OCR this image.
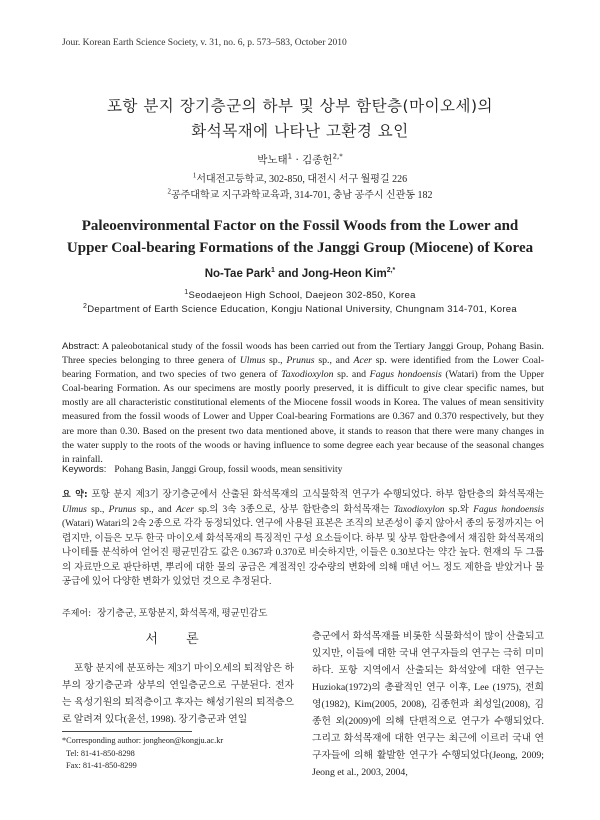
Jour. Korean Earth Science Society, v. 31, no. 6, p. 573–583, October 2010
포항 분지 장기층군의 하부 및 상부 함탄층(마이오세)의
화석목재에 나타난 고환경 요인
박노태$^1$ · 김종헌$^{2,*}$
$^1$서대전고등학교, 302-850, 대전시 서구 월평길 226
$^2$공주대학교 지구과학교육과, 314-701, 충남 공주시 신관동 182
Paleoenvironmental Factor on the Fossil Woods from the Lower and
Upper Coal-bearing Formations of the Janggi Group (Miocene) of Korea
No-Tae Park$^1$ and Jong-Heon Kim$^{2,*}$
$^1$Seodaejeon High School, Daejeon 302-850, Korea
$^2$Department of Earth Science Education, Kongju National University, Chungnam 314-701, Korea
Abstract: A paleobotanical study of the fossil woods has been carried out from the Tertiary Janggi Group, Pohang Basin. Three species belonging to three genera of Ulmus sp., Prunus sp., and Acer sp. were identified from the Lower Coal-bearing Formation, and two species of two genera of Taxodioxylon sp. and Fagus hondoensis (Watari) from the Upper Coal-bearing Formation. As our specimens are mostly poorly preserved, it is difficult to give clear specific names, but mostly are all characteristic constitutional elements of the Miocene fossil woods in Korea. The values of mean sensitivity measured from the fossil woods of Lower and Upper Coal-bearing Formations are 0.367 and 0.370 respectively, but they are more than 0.30. Based on the present two data mentioned above, it stands to reason that there were many changes in the water supply to the roots of the woods or having influence to some degree each year because of the seasonal changes in rainfall.
Keywords: Pohang Basin, Janggi Group, fossil woods, mean sensitivity
요 약: 포항 분지 제3기 장기층군에서 산출된 화석목재의 고식물학적 연구가 수행되었다. 하부 함탄층의 화석목재는 Ulmus sp., Prunus sp., and Acer sp.의 3속 3종으로, 상부 함탄층의 화석목재는 Taxodioxylon sp.와 Fagus hondoensis (Watari) Watari의 2속 2종으로 각각 동정되었다. 연구에 사용된 표본은 조직의 보존성이 좋지 않아서 종의 동정까지는 어렵지만, 이들은 모두 한국 마이오세 화석목재의 특징적인 구성 요소들이다. 하부 및 상부 함탄층에서 채집한 화석목재의 나이테를 분석하여 얻어진 평균민감도 값은 0.367과 0.370로 비슷하지만, 이들은 0.30보다는 약간 높다. 현재의 두 그룹의 자료만으로 판단하면, 뿌리에 대한 물의 공급은 계절적인 강수량의 변화에 의해 매년 어느 정도 제한을 받았거나 물 공급에 있어 다양한 변화가 있었던 것으로 추정된다.
주제어: 장기층군, 포항분지, 화석목재, 평균민감도
서 론
포항 분지에 분포하는 제3기 마이오세의 퇴적암은 하부의 장기층군과 상부의 연일층군으로 구분된다. 전자는 육성기원의 퇴적층이고 후자는 해성기원의 퇴적층으로 알려져 있다(윤선, 1998). 장기층군과 연일
층군에서 화석목재를 비롯한 식물화석이 많이 산출되고 있지만, 이들에 대한 국내 연구자들의 연구는 극히 미미하다. 포항 지역에서 산출되는 화석앞에 대한 연구는 Huzioka(1972)의 총괄적인 연구 이후, Lee (1975), 전희영(1982), Kim(2005, 2008), 김종헌과 최성일(2008), 김종헌 외(2009)에 의해 단편적으로 연구가 수행되었다. 그리고 화석목재에 대한 연구는 최근에 이르러 국내 연구자들에 의해 활발한 연구가 수행되었다(Jeong, 2009; Jeong et al., 2003, 2004,
*Corresponding author: jongheon@kongju.ac.kr
Tel: 81-41-850-8298
Fax: 81-41-850-8299
